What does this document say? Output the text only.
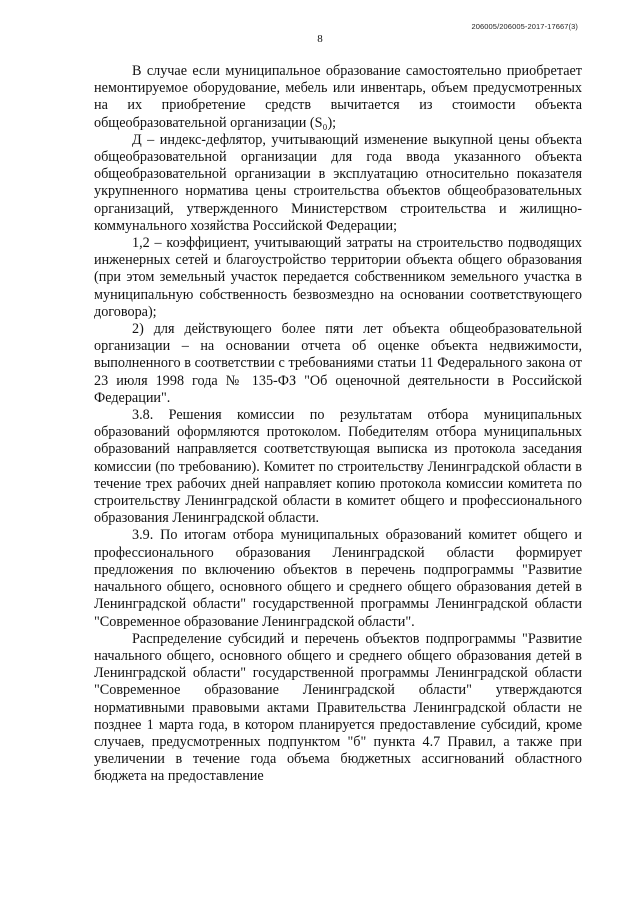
206005/206005-2017-17667(3)
8

В случае если муниципальное образование самостоятельно приобретает немонтируемое оборудование, мебель или инвентарь, объем предусмотренных на их приобретение средств вычитается из стоимости объекта общеобразовательной организации (S₀);

Д – индекс-дефлятор, учитывающий изменение выкупной цены объекта общеобразовательной организации для года ввода указанного объекта общеобразовательной организации в эксплуатацию относительно показателя укрупненного норматива цены строительства объектов общеобразовательных организаций, утвержденного Министерством строительства и жилищно-коммунального хозяйства Российской Федерации;

1,2 – коэффициент, учитывающий затраты на строительство подводящих инженерных сетей и благоустройство территории объекта общего образования (при этом земельный участок передается собственником земельного участка в муниципальную собственность безвозмездно на основании соответствующего договора);

2) для действующего более пяти лет объекта общеобразовательной организации – на основании отчета об оценке объекта недвижимости, выполненного в соответствии с требованиями статьи 11 Федерального закона от 23 июля 1998 года № 135-ФЗ "Об оценочной деятельности в Российской Федерации".

3.8. Решения комиссии по результатам отбора муниципальных образований оформляются протоколом. Победителям отбора муниципальных образований направляется соответствующая выписка из протокола заседания комиссии (по требованию). Комитет по строительству Ленинградской области в течение трех рабочих дней направляет копию протокола комиссии комитета по строительству Ленинградской области в комитет общего и профессионального образования Ленинградской области.

3.9. По итогам отбора муниципальных образований комитет общего и профессионального образования Ленинградской области формирует предложения по включению объектов в перечень подпрограммы "Развитие начального общего, основного общего и среднего общего образования детей в Ленинградской области" государственной программы Ленинградской области "Современное образование Ленинградской области".

Распределение субсидий и перечень объектов подпрограммы "Развитие начального общего, основного общего и среднего общего образования детей в Ленинградской области" государственной программы Ленинградской области "Современное образование Ленинградской области" утверждаются нормативными правовыми актами Правительства Ленинградской области не позднее 1 марта года, в котором планируется предоставление субсидий, кроме случаев, предусмотренных подпунктом "б" пункта 4.7 Правил, а также при увеличении в течение года объема бюджетных ассигнований областного бюджета на предоставление
